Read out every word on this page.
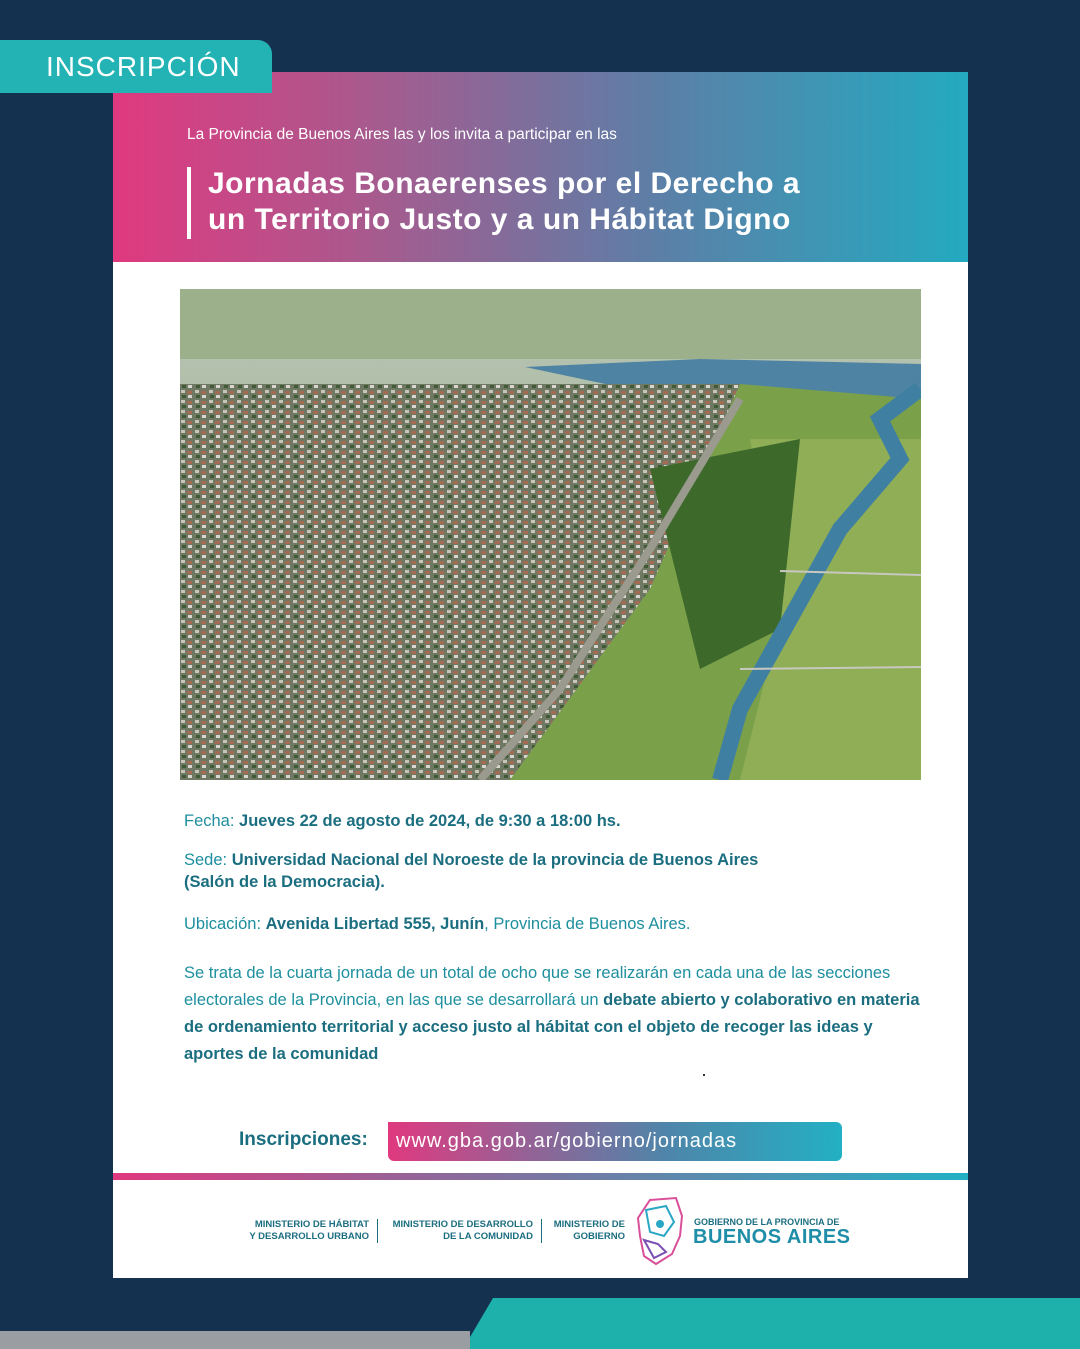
INSCRIPCIÓN
La Provincia de Buenos Aires las y los invita a participar en las
Jornadas Bonaerenses por el Derecho a
un Territorio Justo y a un Hábitat Digno
Fecha: Jueves 22 de agosto de 2024, de 9:30 a 18:00 hs.
Sede: Universidad Nacional del Noroeste de la provincia de Buenos Aires
(Salón de la Democracia).
Ubicación: Avenida Libertad 555, Junín, Provincia de Buenos Aires.
Se trata de la cuarta jornada de un total de ocho que se realizarán en cada una de las secciones electorales de la Provincia, en las que se desarrollará un debate abierto y colaborativo en materia de ordenamiento territorial y acceso justo al hábitat con el objeto de recoger las ideas y aportes de la comunidad
Inscripciones:	www.gba.gob.ar/gobierno/jornadas
MINISTERIO DE HÁBITAT
Y DESARROLLO URBANO
MINISTERIO DE DESARROLLO
DE LA COMUNIDAD
MINISTERIO DE
GOBIERNO
GOBIERNO DE LA PROVINCIA DE
BUENOS AIRES
